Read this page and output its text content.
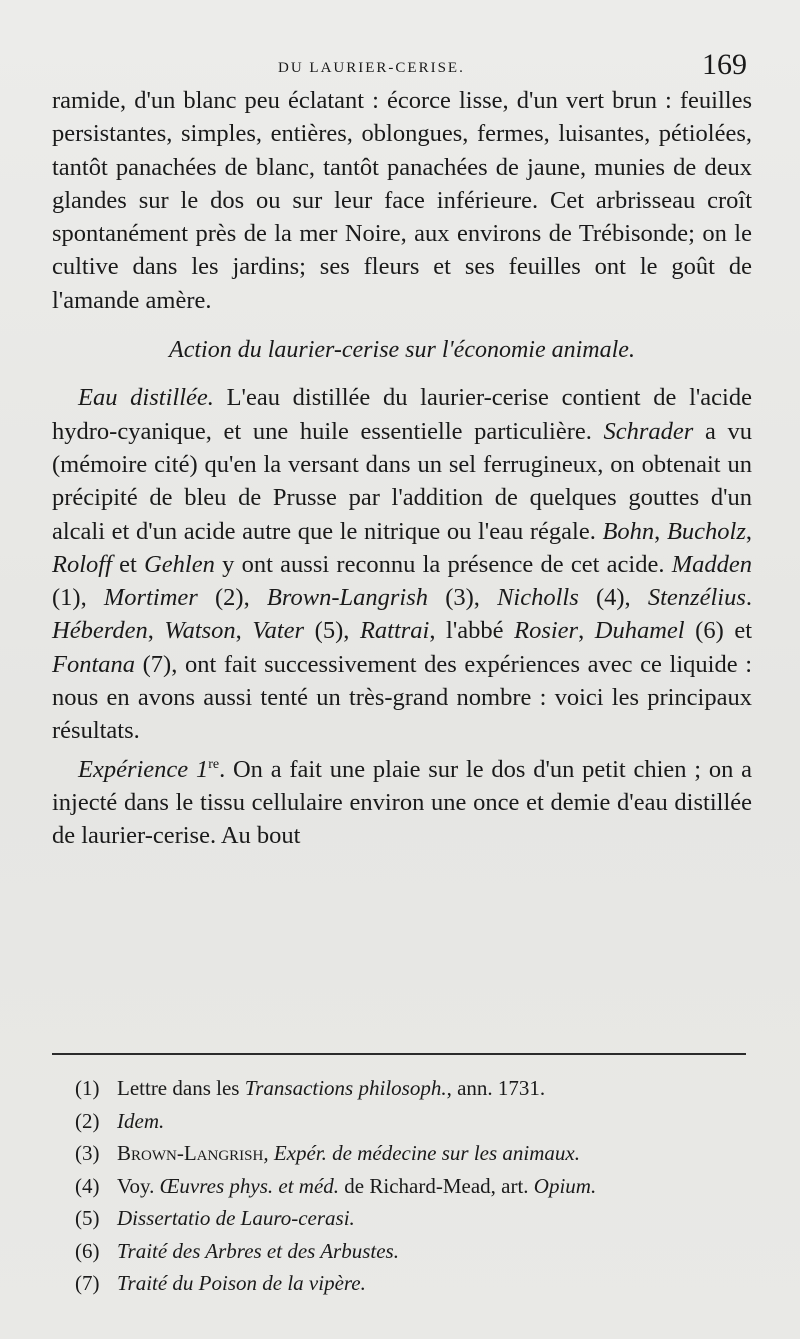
DU LAURIER-CERISE.	169

ramide, d'un blanc peu éclatant : écorce lisse, d'un vert brun : feuilles persistantes, simples, entières, oblongues, fermes, luisantes, pétiolées, tantôt panachées de blanc, tantôt panachées de jaune, munies de deux glandes sur le dos ou sur leur face inférieure. Cet arbrisseau croît spontanément près de la mer Noire, aux environs de Trébisonde; on le cultive dans les jardins; ses fleurs et ses feuilles ont le goût de l'amande amère.

Action du laurier-cerise sur l'économie animale.

Eau distillée. L'eau distillée du laurier-cerise contient de l'acide hydro-cyanique, et une huile essentielle particulière. Schrader a vu (mémoire cité) qu'en la versant dans un sel ferrugineux, on obtenait un précipité de bleu de Prusse par l'addition de quelques gouttes d'un alcali et d'un acide autre que le nitrique ou l'eau régale. Bohn, Bucholz, Roloff et Gehlen y ont aussi reconnu la présence de cet acide. Madden (1), Mortimer (2), Brown-Langrish (3), Nicholls (4), Stenzélius. Héberden, Watson, Vater (5), Rattrai, l'abbé Rosier, Duhamel (6) et Fontana (7), ont fait successivement des expériences avec ce liquide : nous en avons aussi tenté un très-grand nombre : voici les principaux résultats.

Expérience 1re. On a fait une plaie sur le dos d'un petit chien ; on a injecté dans le tissu cellulaire environ une once et demie d'eau distillée de laurier-cerise. Au bout

(1) Lettre dans les Transactions philosoph., ann. 1731.
(2) Idem.
(3) Brown-Langrish, Expér. de médecine sur les animaux.
(4) Voy. Œuvres phys. et méd. de Richard-Mead, art. Opium.
(5) Dissertatio de Lauro-cerasi.
(6) Traité des Arbres et des Arbustes.
(7) Traité du Poison de la vipère.
